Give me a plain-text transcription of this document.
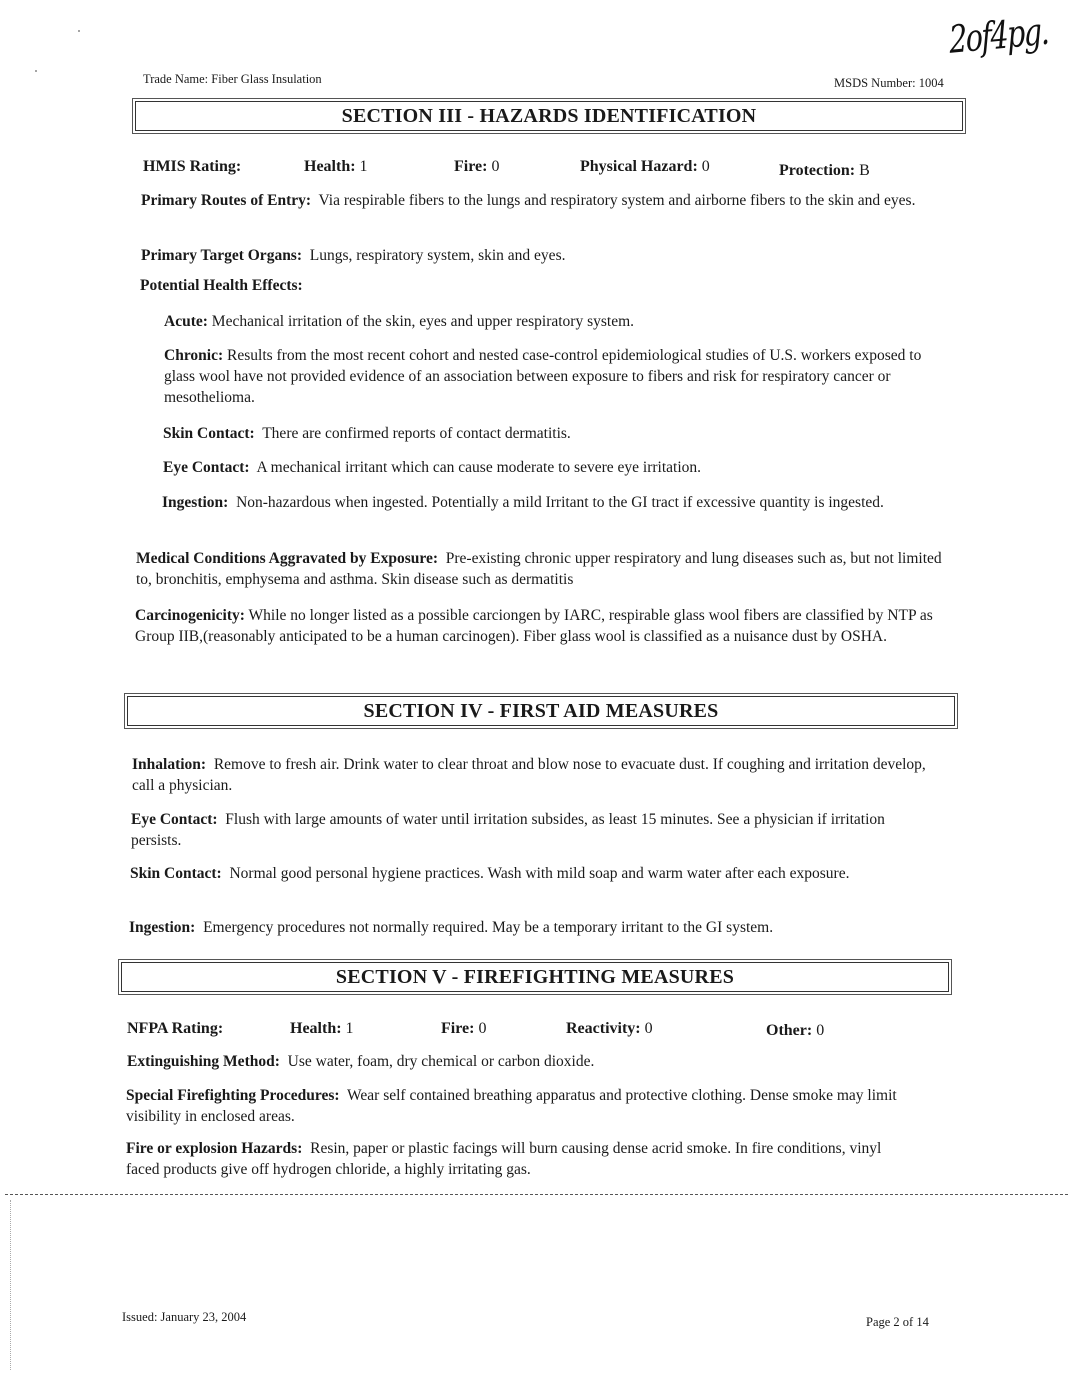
Trade Name: Fiber Glass Insulation	MSDS Number: 1004
2of4pg.
SECTION III - HAZARDS IDENTIFICATION
HMIS Rating:	Health: 1	Fire: 0	Physical Hazard: 0	Protection: B
Primary Routes of Entry: Via respirable fibers to the lungs and respiratory system and airborne fibers to the skin and eyes.
Primary Target Organs: Lungs, respiratory system, skin and eyes.
Potential Health Effects:
Acute: Mechanical irritation of the skin, eyes and upper respiratory system.
Chronic: Results from the most recent cohort and nested case-control epidemiological studies of U.S. workers exposed to glass wool have not provided evidence of an association between exposure to fibers and risk for respiratory cancer or mesothelioma.
Skin Contact: There are confirmed reports of contact dermatitis.
Eye Contact: A mechanical irritant which can cause moderate to severe eye irritation.
Ingestion: Non-hazardous when ingested. Potentially a mild Irritant to the GI tract if excessive quantity is ingested.
Medical Conditions Aggravated by Exposure: Pre-existing chronic upper respiratory and lung diseases such as, but not limited to, bronchitis, emphysema and asthma. Skin disease such as dermatitis
Carcinogenicity: While no longer listed as a possible carciongen by IARC, respirable glass wool fibers are classified by NTP as Group IIB,(reasonably anticipated to be a human carcinogen). Fiber glass wool is classified as a nuisance dust by OSHA.
SECTION IV - FIRST AID MEASURES
Inhalation: Remove to fresh air. Drink water to clear throat and blow nose to evacuate dust. If coughing and irritation develop, call a physician.
Eye Contact: Flush with large amounts of water until irritation subsides, as least 15 minutes. See a physician if irritation persists.
Skin Contact: Normal good personal hygiene practices. Wash with mild soap and warm water after each exposure.
Ingestion: Emergency procedures not normally required. May be a temporary irritant to the GI system.
SECTION V - FIREFIGHTING MEASURES
NFPA Rating:	Health: 1	Fire: 0	Reactivity: 0	Other: 0
Extinguishing Method: Use water, foam, dry chemical or carbon dioxide.
Special Firefighting Procedures: Wear self contained breathing apparatus and protective clothing. Dense smoke may limit visibility in enclosed areas.
Fire or explosion Hazards: Resin, paper or plastic facings will burn causing dense acrid smoke. In fire conditions, vinyl faced products give off hydrogen chloride, a highly irritating gas.
Issued: January 23, 2004	Page 2 of 14
